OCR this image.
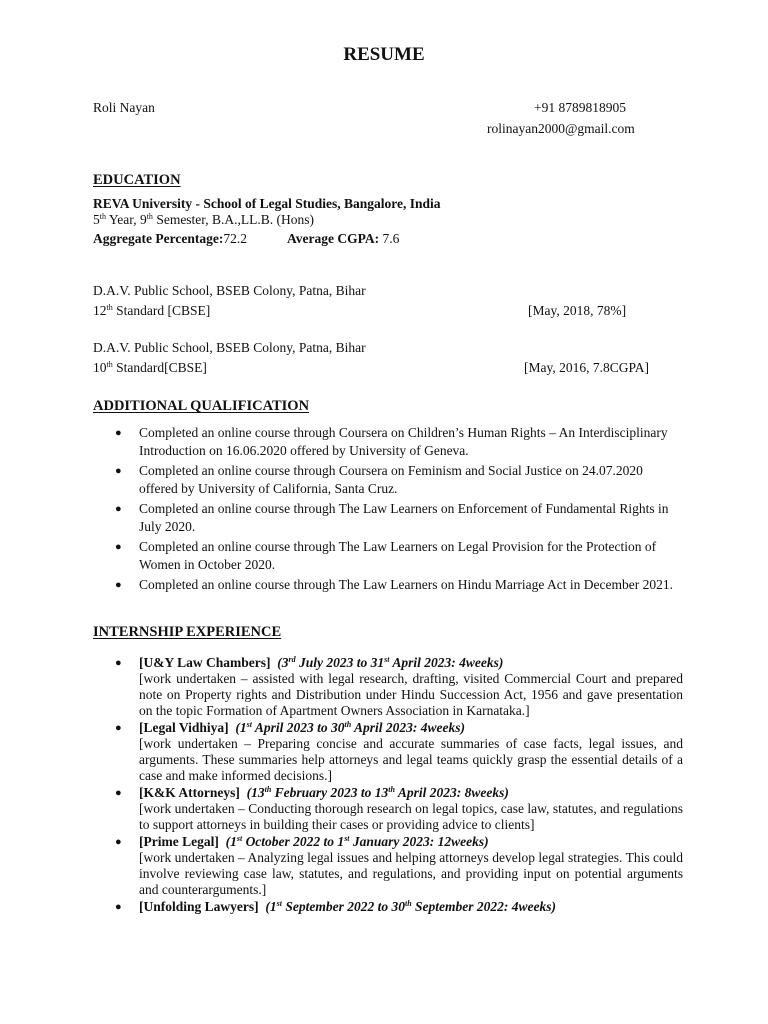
RESUME
Roli Nayan	+91 8789818905
rolinayan2000@gmail.com
EDUCATION
REVA University - School of Legal Studies, Bangalore, India
5th Year, 9th Semester, B.A.,LL.B. (Hons)
Aggregate Percentage:72.2	Average CGPA: 7.6
D.A.V. Public School, BSEB Colony, Patna, Bihar
12th Standard [CBSE]	[May, 2018, 78%]
D.A.V. Public School, BSEB Colony, Patna, Bihar
10th Standard[CBSE]	[May, 2016, 7.8CGPA]
ADDITIONAL QUALIFICATION
● Completed an online course through Coursera on Children’s Human Rights – An Interdisciplinary Introduction on 16.06.2020 offered by University of Geneva.
● Completed an online course through Coursera on Feminism and Social Justice on 24.07.2020 offered by University of California, Santa Cruz.
● Completed an online course through The Law Learners on Enforcement of Fundamental Rights in July 2020.
● Completed an online course through The Law Learners on Legal Provision for the Protection of Women in October 2020.
● Completed an online course through The Law Learners on Hindu Marriage Act in December 2021.
INTERNSHIP EXPERIENCE
● [U&Y Law Chambers] (3rd July 2023 to 31st April 2023: 4weeks)
[work undertaken – assisted with legal research, drafting, visited Commercial Court and prepared note on Property rights and Distribution under Hindu Succession Act, 1956 and gave presentation on the topic Formation of Apartment Owners Association in Karnataka.]
● [Legal Vidhiya] (1st April 2023 to 30th April 2023: 4weeks)
[work undertaken – Preparing concise and accurate summaries of case facts, legal issues, and arguments. These summaries help attorneys and legal teams quickly grasp the essential details of a case and make informed decisions.]
● [K&K Attorneys] (13th February 2023 to 13th April 2023: 8weeks)
[work undertaken – Conducting thorough research on legal topics, case law, statutes, and regulations to support attorneys in building their cases or providing advice to clients]
● [Prime Legal] (1st October 2022 to 1st January 2023: 12weeks)
[work undertaken – Analyzing legal issues and helping attorneys develop legal strategies. This could involve reviewing case law, statutes, and regulations, and providing input on potential arguments and counterarguments.]
● [Unfolding Lawyers] (1st September 2022 to 30th September 2022: 4weeks)
